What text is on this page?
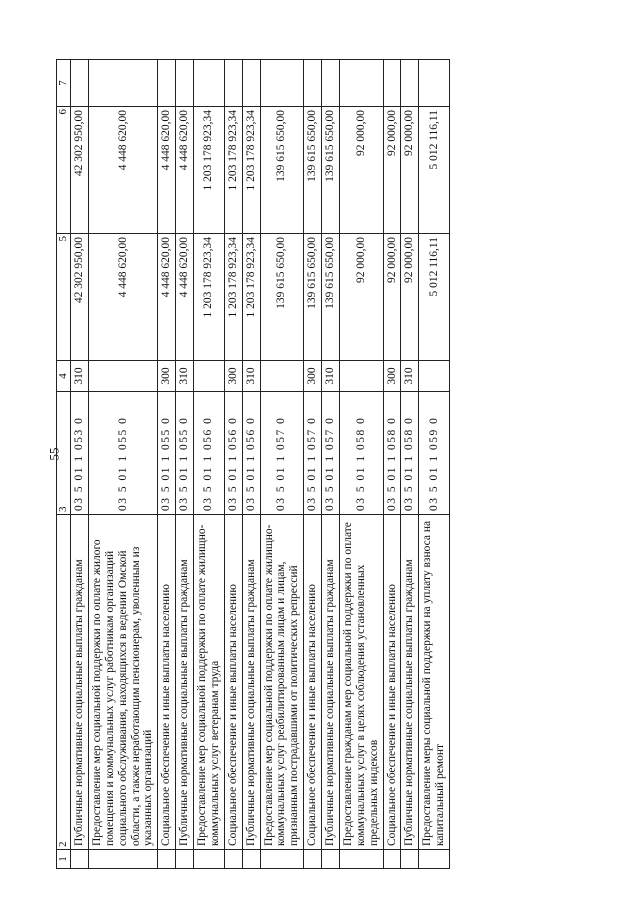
55
1	2	3	4	5	6	7
	Публичные нормативные социальные выплаты гражданам	03 5 01 1 053 0	310	42 302 950,00	42 302 950,00	
	Предоставление мер социальной поддержки по оплате жилого помещения и коммунальных услуг работникам организаций социального обслуживания, находящихся в ведении Омской области, а также неработающим пенсионерам, уволенным из указанных организаций	03 5 01 1 055 0		4 448 620,00	4 448 620,00	
	Социальное обеспечение и иные выплаты населению	03 5 01 1 055 0	300	4 448 620,00	4 448 620,00	
	Публичные нормативные социальные выплаты гражданам	03 5 01 1 055 0	310	4 448 620,00	4 448 620,00	
	Предоставление мер социальной поддержки по оплате жилищно-коммунальных услуг ветеранам труда	03 5 01 1 056 0		1 203 178 923,34	1 203 178 923,34	
	Социальное обеспечение и иные выплаты населению	03 5 01 1 056 0	300	1 203 178 923,34	1 203 178 923,34	
	Публичные нормативные социальные выплаты гражданам	03 5 01 1 056 0	310	1 203 178 923,34	1 203 178 923,34	
	Предоставление мер социальной поддержки по оплате жилищно-коммунальных услуг реабилитированным лицам и лицам, признанным пострадавшими от политических репрессий	03 5 01 1 057 0		139 615 650,00	139 615 650,00	
	Социальное обеспечение и иные выплаты населению	03 5 01 1 057 0	300	139 615 650,00	139 615 650,00	
	Публичные нормативные социальные выплаты гражданам	03 5 01 1 057 0	310	139 615 650,00	139 615 650,00	
	Предоставление гражданам мер социальной поддержки по оплате коммунальных услуг в целях соблюдения установленных предельных индексов	03 5 01 1 058 0		92 000,00	92 000,00	
	Социальное обеспечение и иные выплаты населению	03 5 01 1 058 0	300	92 000,00	92 000,00	
	Публичные нормативные социальные выплаты гражданам	03 5 01 1 058 0	310	92 000,00	92 000,00	
	Предоставление меры социальной поддержки на уплату взноса на капитальный ремонт	03 5 01 1 059 0		5 012 116,11	5 012 116,11	
